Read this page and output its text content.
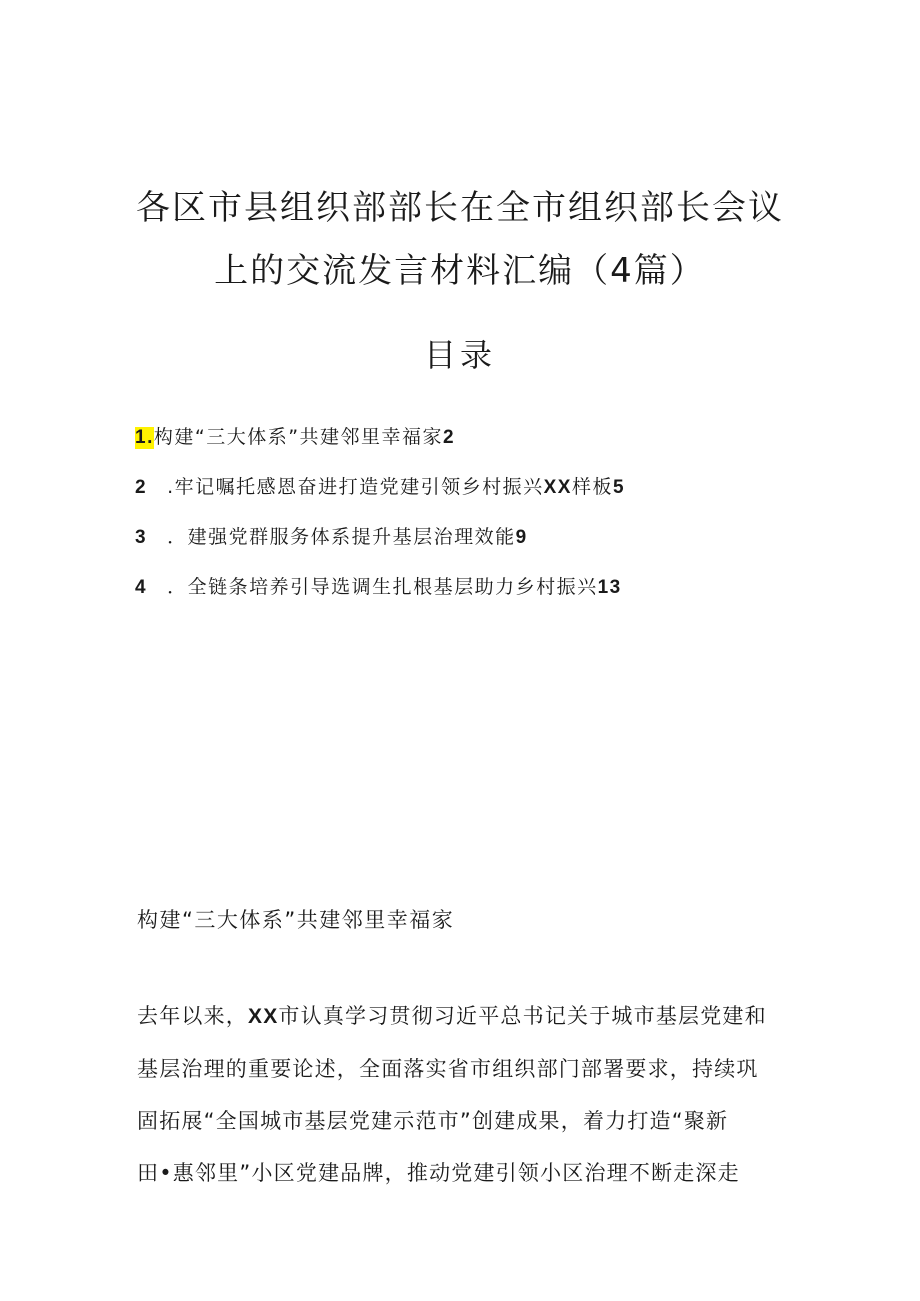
各区市县组织部部长在全市组织部长会议
上的交流发言材料汇编（4篇）
目录
1. 构建“三大体系”共建邻里幸福家 2
2 .牢记嘱托感恩奋进打造党建引领乡村振兴 XX 样板 5
3 ．建强党群服务体系提升基层治理效能 9
4 ．全链条培养引导选调生扎根基层助力乡村振兴 13
构建“三大体系”共建邻里幸福家
去年以来，XX市认真学习贯彻习近平总书记关于城市基层党建和
基层治理的重要论述，全面落实省市组织部门部署要求，持续巩
固拓展“全国城市基层党建示范市”创建成果，着力打造“聚新
田•惠邻里”小区党建品牌，推动党建引领小区治理不断走深走
